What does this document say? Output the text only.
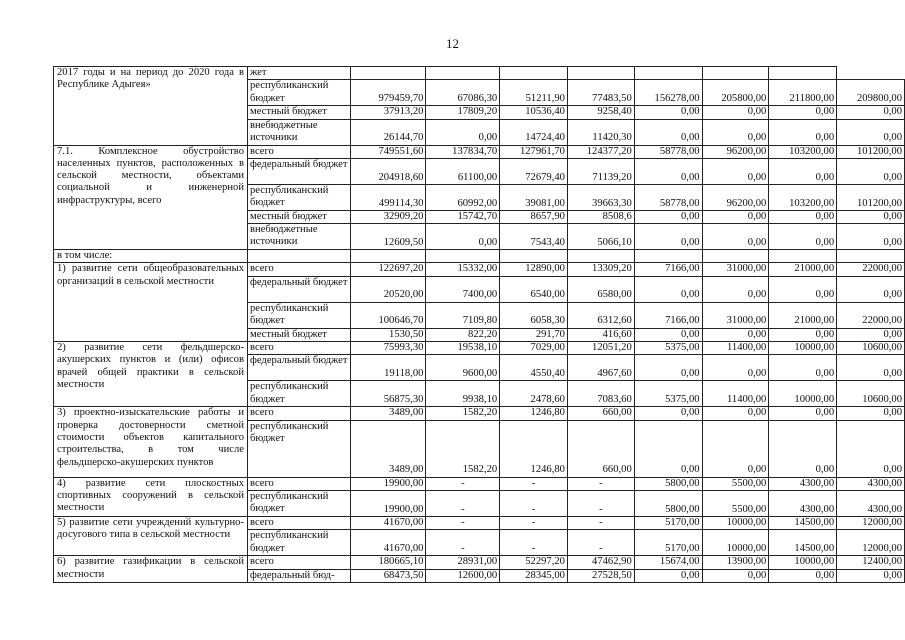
12
2017 годы и на период до 2020 года в Республике Адыгея»	жет								
	республиканский бюджет	979459,70	67086,30	51211,90	77483,50	156278,00	205800,00	211800,00	209800,00
	местный бюджет	37913,20	17809,20	10536,40	9258,40	0,00	0,00	0,00	0,00
	внебюджетные источники	26144,70	0,00	14724,40	11420,30	0,00	0,00	0,00	0,00
7.1. Комплексное обустройство населенных пунктов, расположенных в сельской местности, объектами социальной и инженерной инфраструктуры, всего	всего	749551,60	137834,70	127961,70	124377,20	58778,00	96200,00	103200,00	101200,00
	федеральный бюджет	204918,60	61100,00	72679,40	71139,20	0,00	0,00	0,00	0,00
	республиканский бюджет	499114,30	60992,00	39081,00	39663,30	58778,00	96200,00	103200,00	101200,00
	местный бюджет	32909,20	15742,70	8657,90	8508,6	0,00	0,00	0,00	0,00
	внебюджетные источники	12609,50	0,00	7543,40	5066,10	0,00	0,00	0,00	0,00
в том числе:									
1) развитие сети общеобразовательных организаций в сельской местности	всего	122697,20	15332,00	12890,00	13309,20	7166,00	31000,00	21000,00	22000,00
	федеральный бюджет	20520,00	7400,00	6540,00	6580,00	0,00	0,00	0,00	0,00
	республиканский бюджет	100646,70	7109,80	6058,30	6312,60	7166,00	31000,00	21000,00	22000,00
	местный бюджет	1530,50	822,20	291,70	416,60	0,00	0,00	0,00	0,00
2) развитие сети фельдшерско-акушерских пунктов и (или) офисов врачей общей практики в сельской местности	всего	75993,30	19538,10	7029,00	12051,20	5375,00	11400,00	10000,00	10600,00
	федеральный бюджет	19118,00	9600,00	4550,40	4967,60	0,00	0,00	0,00	0,00
	республиканский бюджет	56875,30	9938,10	2478,60	7083,60	5375,00	11400,00	10000,00	10600,00
3) проектно-изыскательские работы и проверка достоверности сметной стоимости объектов капитального строительства, в том числе фельдшерско-акушерских пунктов	всего	3489,00	1582,20	1246,80	660,00	0,00	0,00	0,00	0,00
	республиканский бюджет	3489,00	1582,20	1246,80	660,00	0,00	0,00	0,00	0,00
4) развитие сети плоскостных спортивных сооружений в сельской местности	всего	19900,00	-	-	-	5800,00	5500,00	4300,00	4300,00
	республиканский бюджет	19900,00	-	-	-	5800,00	5500,00	4300,00	4300,00
5) развитие сети учреждений культурно-досугового типа в сельской местности	всего	41670,00	-	-	-	5170,00	10000,00	14500,00	12000,00
	республиканский бюджет	41670,00	-	-	-	5170,00	10000,00	14500,00	12000,00
6) развитие газификации в сельской местности	всего	180665,10	28931,00	52297,20	47462,90	15674,00	13900,00	10000,00	12400,00
	федеральный бюд-	68473,50	12600,00	28345,00	27528,50	0,00	0,00	0,00	0,00
